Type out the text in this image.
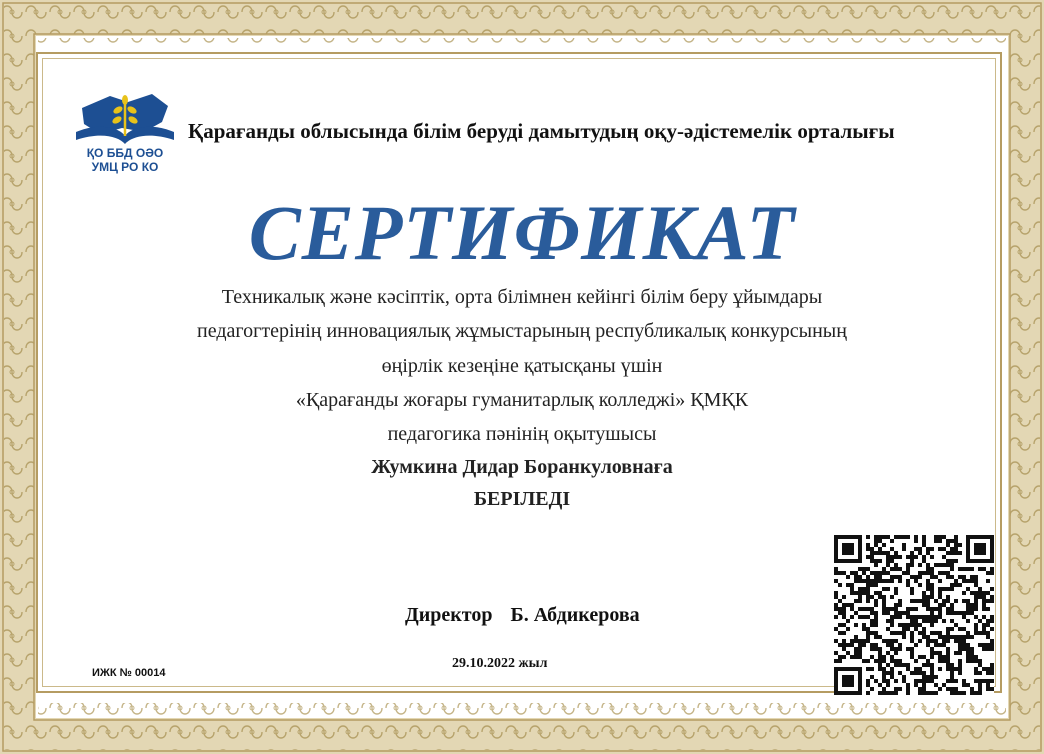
ҚО ББД ОӘО
УМЦ РО КО
Қарағанды облысында білім беруді дамытудың оқу-әдістемелік орталығы
СЕРТИФИКАТ
Техникалық және кәсіптік, орта білімнен кейінгі білім беру ұйымдары
педагогтерінің инновациялық жұмыстарының республикалық конкурсының
өңірлік кезеңіне қатысқаны үшін
«Қарағанды жоғары гуманитарлық колледжі» ҚМҚК
педагогика пәнінің оқытушысы
Жумкина Дидар Боранкуловнаға
БЕРІЛЕДІ
Директор Б. Абдикерова
29.10.2022 жыл
ИЖК № 00014
